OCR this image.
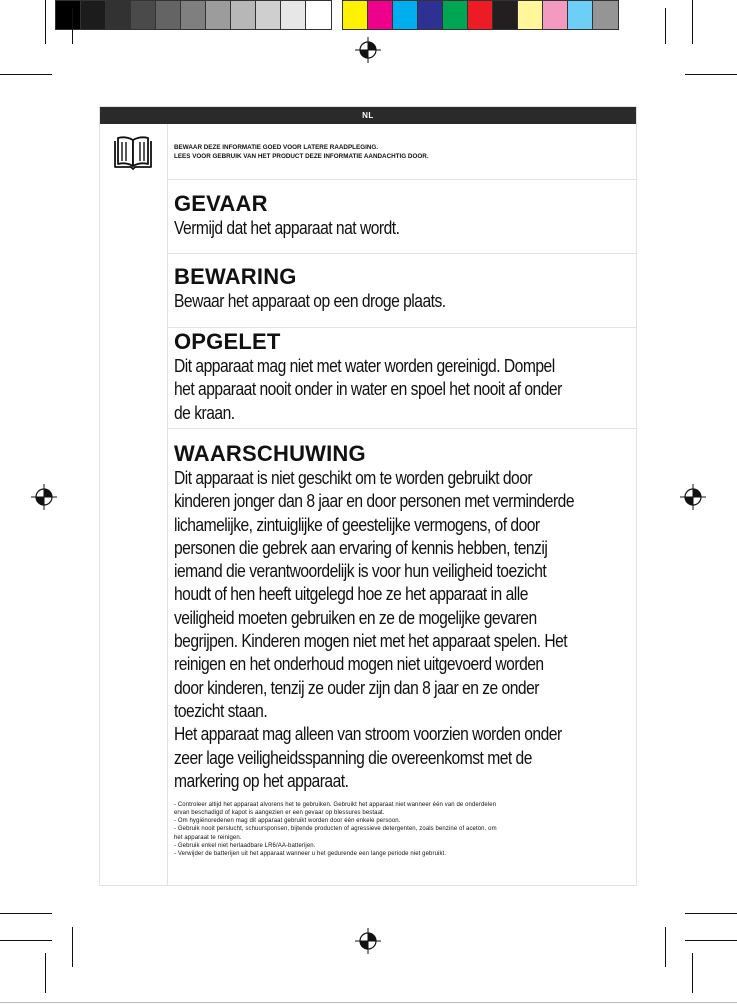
NL
BEWAAR DEZE INFORMATIE GOED VOOR LATERE RAADPLEGING.
LEES VOOR GEBRUIK VAN HET PRODUCT DEZE INFORMATIE AANDACHTIG DOOR.
GEVAAR
Vermijd dat het apparaat nat wordt.
BEWARING
Bewaar het apparaat op een droge plaats.
OPGELET
Dit apparaat mag niet met water worden gereinigd. Dompel
het apparaat nooit onder in water en spoel het nooit af onder
de kraan.
WAARSCHUWING
Dit apparaat is niet geschikt om te worden gebruikt door
kinderen jonger dan 8 jaar en door personen met verminderde
lichamelijke, zintuiglijke of geestelijke vermogens, of door
personen die gebrek aan ervaring of kennis hebben, tenzij
iemand die verantwoordelijk is voor hun veiligheid toezicht
houdt of hen heeft uitgelegd hoe ze het apparaat in alle
veiligheid moeten gebruiken en ze de mogelijke gevaren
begrijpen. Kinderen mogen niet met het apparaat spelen. Het
reinigen en het onderhoud mogen niet uitgevoerd worden
door kinderen, tenzij ze ouder zijn dan 8 jaar en ze onder
toezicht staan.
Het apparaat mag alleen van stroom voorzien worden onder
zeer lage veiligheidsspanning die overeenkomst met de
markering op het apparaat.
- Controleer altijd het apparaat alvorens het te gebruiken. Gebruikt het apparaat niet wanneer één van de onderdelen
ervan beschadigd of kapot is aangezien er een gevaar op blessures bestaat.
- Om hygiënoredenen mag dit apparaat gebruikt worden door één enkele persoon.
- Gebruik nooit perslucht, schuursponsen, bijtende producten of agressieve detergenten, zoals benzine of aceton, om
het apparaat te reinigen.
- Gebruik enkel niet herlaadbare LR6/AA-batterijen.
- Verwijder de batterijen uit het apparaat wanneer u het gedurende een lange periode niet gebruikt.
